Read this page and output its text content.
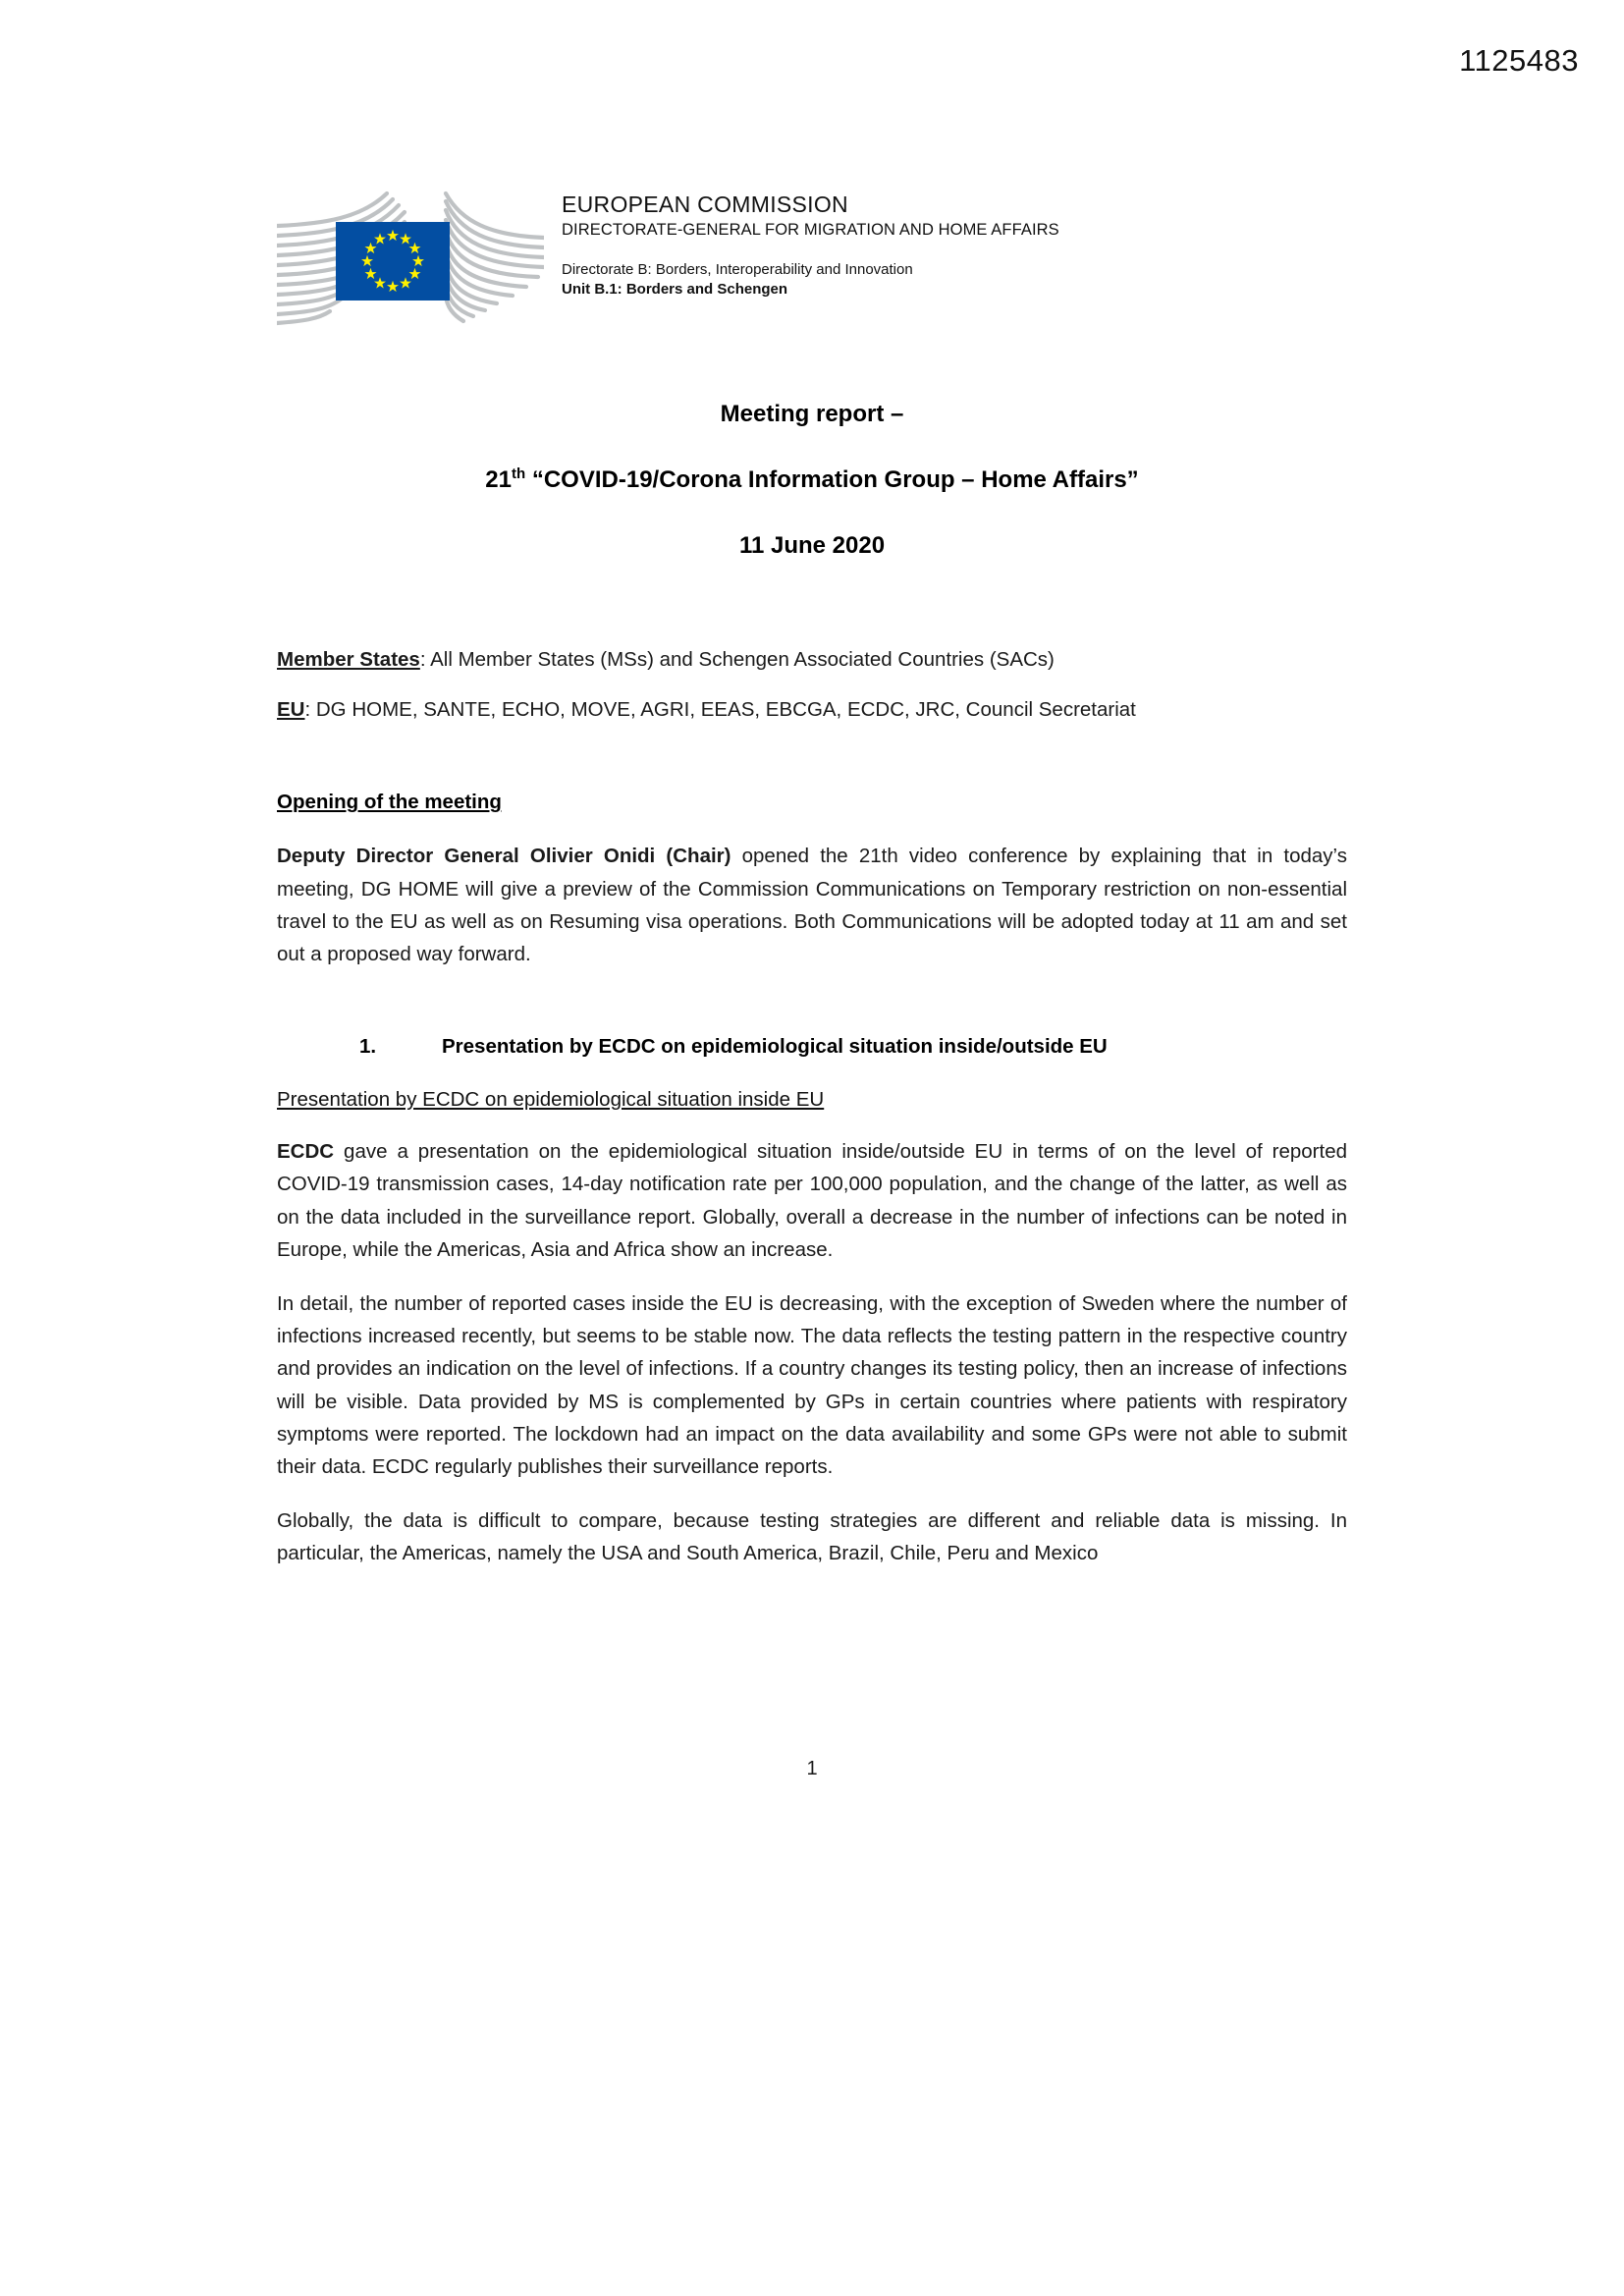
1125483
EUROPEAN COMMISSION
DIRECTORATE-GENERAL FOR MIGRATION AND HOME AFFAIRS
Directorate B: Borders, Interoperability and Innovation
Unit B.1: Borders and Schengen
Meeting report –
21th “COVID-19/Corona Information Group – Home Affairs”
11 June 2020

Member States: All Member States (MSs) and Schengen Associated Countries (SACs)

EU: DG HOME, SANTE, ECHO, MOVE, AGRI, EEAS, EBCGA, ECDC, JRC, Council Secretariat

Opening of the meeting

Deputy Director General Olivier Onidi (Chair) opened the 21th video conference by explaining that in today’s meeting, DG HOME will give a preview of the Commission Communications on Temporary restriction on non-essential travel to the EU as well as on Resuming visa operations. Both Communications will be adopted today at 11 am and set out a proposed way forward.

1.	Presentation by ECDC on epidemiological situation inside/outside EU
Presentation by ECDC on epidemiological situation inside EU

ECDC gave a presentation on the epidemiological situation inside/outside EU in terms of on the level of reported COVID-19 transmission cases, 14-day notification rate per 100,000 population, and the change of the latter, as well as on the data included in the surveillance report. Globally, overall a decrease in the number of infections can be noted in Europe, while the Americas, Asia and Africa show an increase.

In detail, the number of reported cases inside the EU is decreasing, with the exception of Sweden where the number of infections increased recently, but seems to be stable now. The data reflects the testing pattern in the respective country and provides an indication on the level of infections. If a country changes its testing policy, then an increase of infections will be visible. Data provided by MS is complemented by GPs in certain countries where patients with respiratory symptoms were reported. The lockdown had an impact on the data availability and some GPs were not able to submit their data. ECDC regularly publishes their surveillance reports.

Globally, the data is difficult to compare, because testing strategies are different and reliable data is missing. In particular, the Americas, namely the USA and South America, Brazil, Chile, Peru and Mexico

1
